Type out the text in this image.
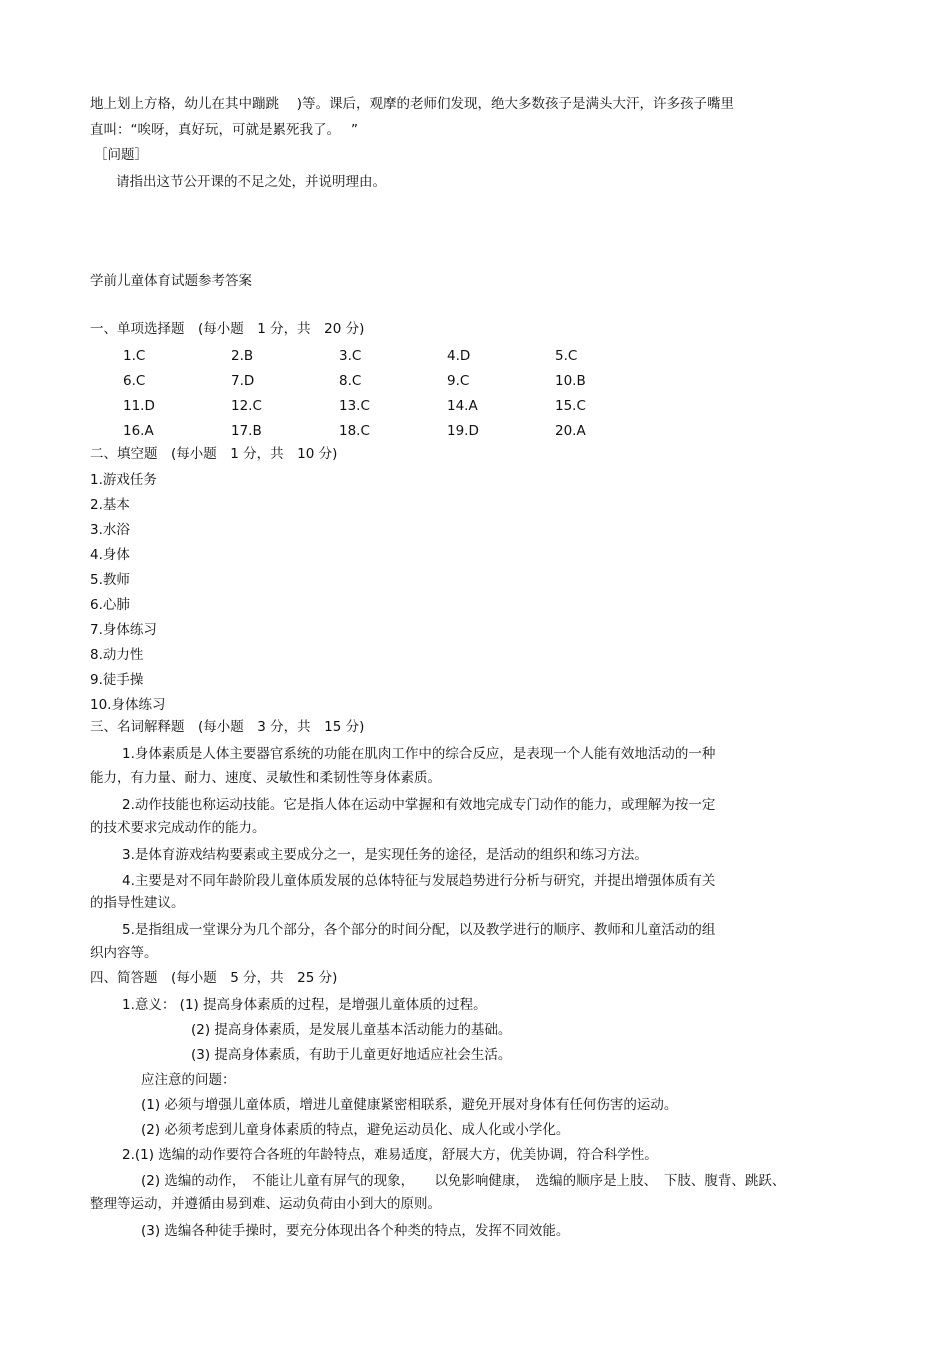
地上划上方格，幼儿在其中蹦跳　 )等。课后，观摩的老师们发现，绝大多数孩子是满头大汗，许多孩子嘴里
直叫：“唉呀，真好玩，可就是累死我了。　 ”
［问题］
请指出这节公开课的不足之处，并说明理由。
学前儿童体育试题参考答案
一、单项选择题　(每小题　1 分，共　20 分)
1.C	2.B	3.C	4.D	5.C
6.C	7.D	8.C	9.C	10.B
11.D	12.C	13.C	14.A	15.C
16.A	17.B	18.C	19.D	20.A
二、填空题　(每小题　1 分，共　10 分)
1.游戏任务
2.基本
3.水浴
4.身体
5.教师
6.心肺
7.身体练习
8.动力性
9.徒手操
10.身体练习
三、名词解释题　(每小题　3 分，共　15 分)
1.身体素质是人体主要器官系统的功能在肌肉工作中的综合反应，是表现一个人能有效地活动的一种
能力，有力量、耐力、速度、灵敏性和柔韧性等身体素质。
2.动作技能也称运动技能。它是指人体在运动中掌握和有效地完成专门动作的能力，或理解为按一定
的技术要求完成动作的能力。
3.是体育游戏结构要素或主要成分之一，是实现任务的途径，是活动的组织和练习方法。
4.主要是对不同年龄阶段儿童体质发展的总体特征与发展趋势进行分析与研究，并提出增强体质有关
的指导性建议。
5.是指组成一堂课分为几个部分，各个部分的时间分配，以及教学进行的顺序、教师和儿童活动的组
织内容等。
四、简答题　(每小题　5 分，共　25 分)
1.意义： (1) 提高身体素质的过程，是增强儿童体质的过程。
(2) 提高身体素质，是发展儿童基本活动能力的基础。
(3) 提高身体素质，有助于儿童更好地适应社会生活。
应注意的问题：
(1) 必须与增强儿童体质，增进儿童健康紧密相联系，避免开展对身体有任何伤害的运动。
(2) 必须考虑到儿童身体素质的特点，避免运动员化、成人化或小学化。
2.(1) 选编的动作要符合各班的年龄特点，难易适度，舒展大方，优美协调，符合科学性。
(2) 选编的动作，　不能让儿童有屏气的现象，　　以免影响健康，　选编的顺序是上肢、　下肢、腹背、跳跃、
整理等运动，并遵循由易到难、运动负荷由小到大的原则。
(3) 选编各种徒手操时，要充分体现出各个种类的特点，发挥不同效能。
